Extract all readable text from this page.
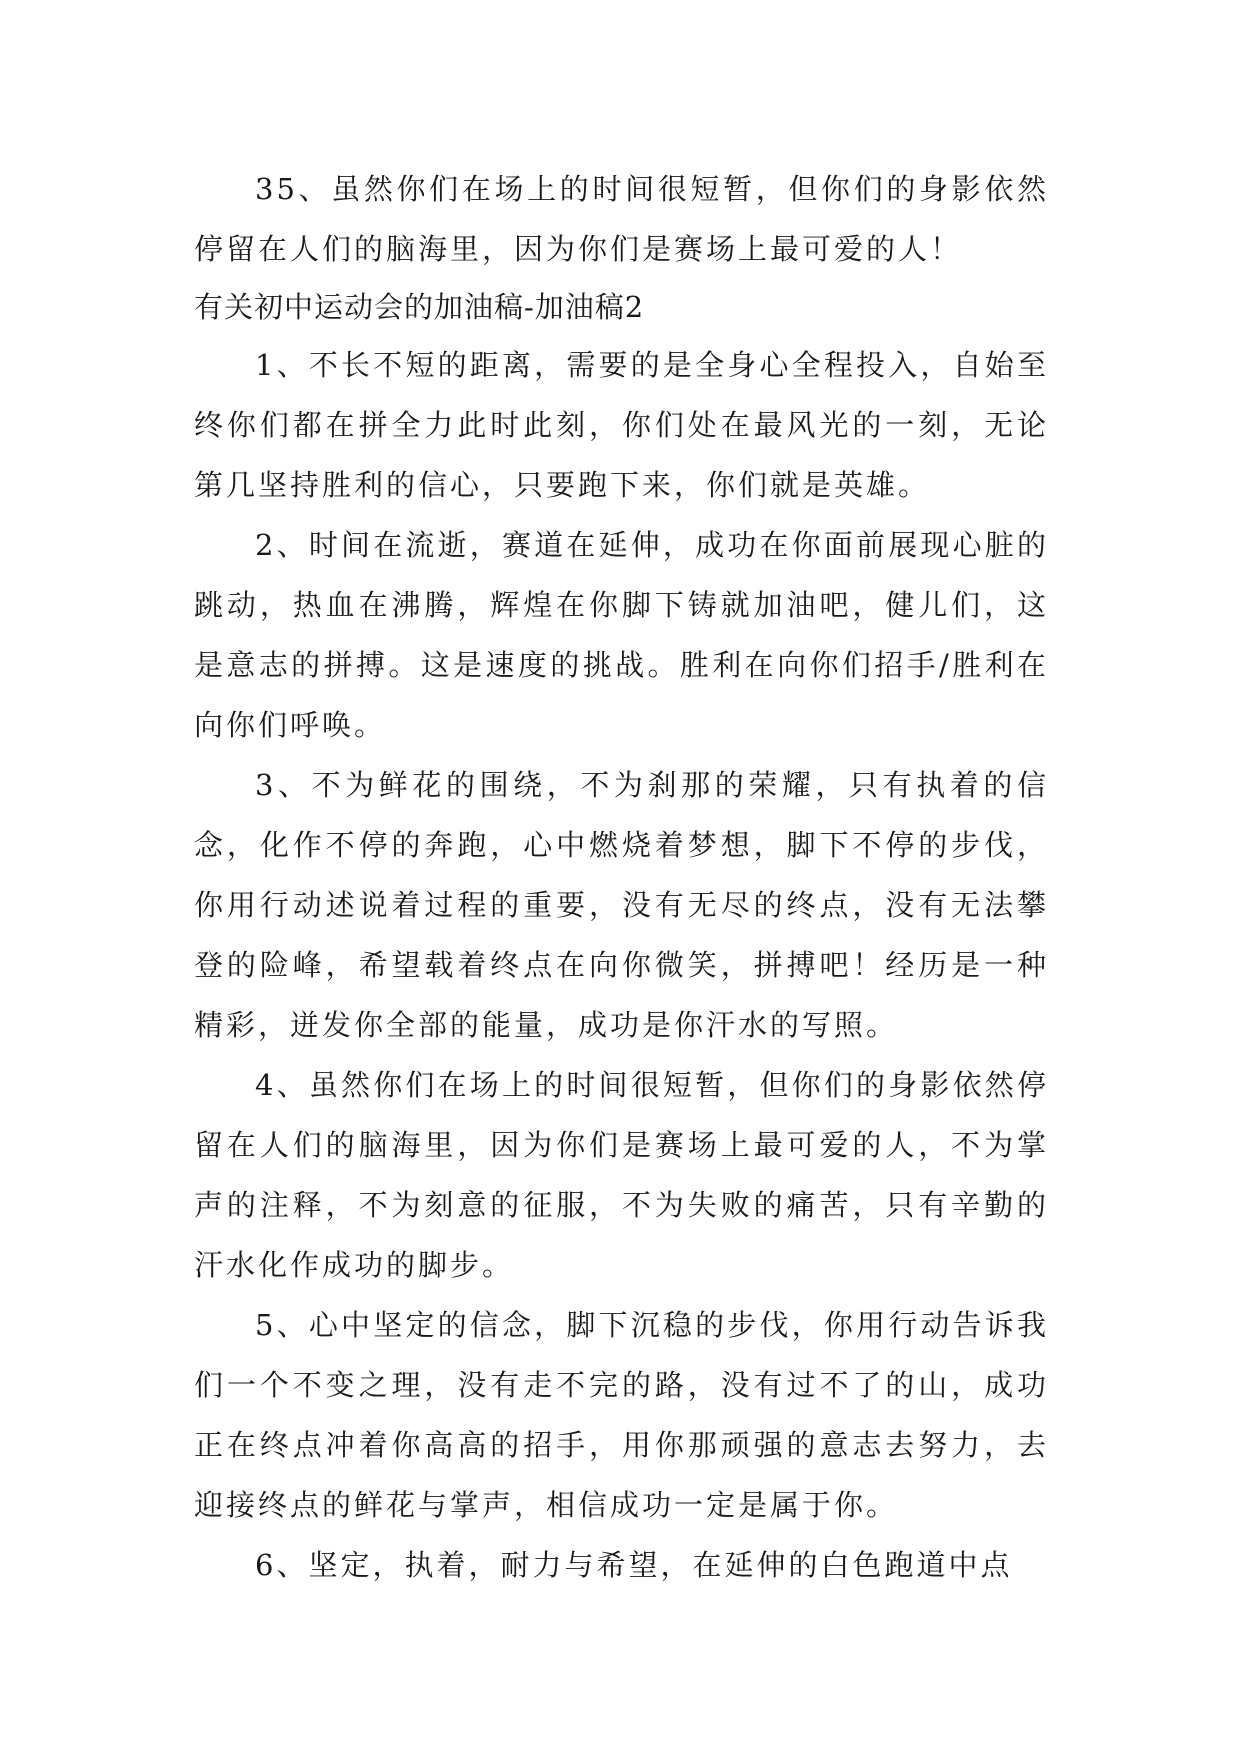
35、虽然你们在场上的时间很短暂，但你们的身影依然停留在人们的脑海里，因为你们是赛场上最可爱的人！

有关初中运动会的加油稿-加油稿2

1、不长不短的距离，需要的是全身心全程投入，自始至终你们都在拼全力此时此刻，你们处在最风光的一刻，无论第几坚持胜利的信心，只要跑下来，你们就是英雄。

2、时间在流逝，赛道在延伸，成功在你面前展现心脏的跳动，热血在沸腾，辉煌在你脚下铸就加油吧，健儿们，这是意志的拼搏。这是速度的挑战。胜利在向你们招手/胜利在向你们呼唤。

3、不为鲜花的围绕，不为刹那的荣耀，只有执着的信念，化作不停的奔跑，心中燃烧着梦想，脚下不停的步伐，你用行动述说着过程的重要，没有无尽的终点，没有无法攀登的险峰，希望载着终点在向你微笑，拼搏吧！经历是一种精彩，迸发你全部的能量，成功是你汗水的写照。

4、虽然你们在场上的时间很短暂，但你们的身影依然停留在人们的脑海里，因为你们是赛场上最可爱的人，不为掌声的注释，不为刻意的征服，不为失败的痛苦，只有辛勤的汗水化作成功的脚步。

5、心中坚定的信念，脚下沉稳的步伐，你用行动告诉我们一个不变之理，没有走不完的路，没有过不了的山，成功正在终点冲着你高高的招手，用你那顽强的意志去努力，去迎接终点的鲜花与掌声，相信成功一定是属于你。

6、坚定，执着，耐力与希望，在延伸的白色跑道中点
